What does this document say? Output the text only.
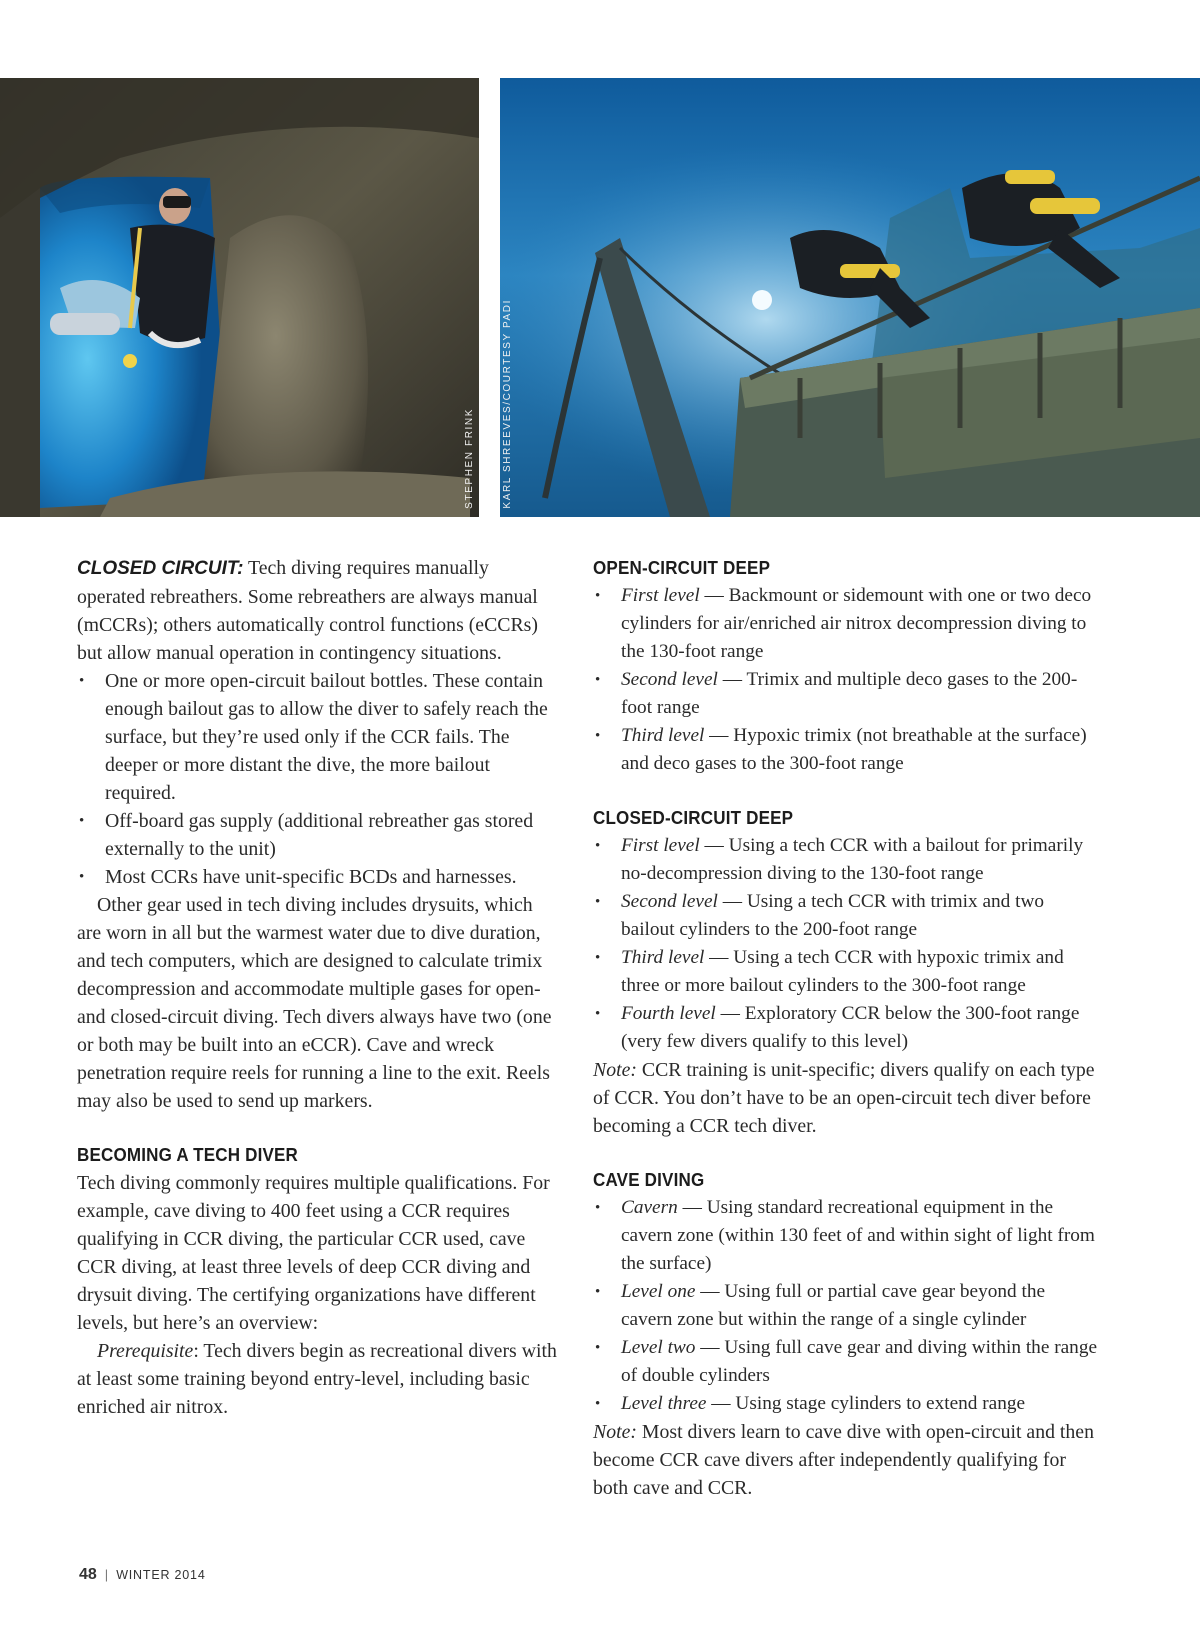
STEPHEN FRINK	KARL SHREEVES/COURTESY PADI

CLOSED CIRCUIT: Tech diving requires manually operated rebreathers. Some rebreathers are always manual (mCCRs); others automatically control functions (eCCRs) but allow manual operation in contingency situations.

• One or more open-circuit bailout bottles. These contain enough bailout gas to allow the diver to safely reach the surface, but they’re used only if the CCR fails. The deeper or more distant the dive, the more bailout required.
• Off-board gas supply (additional rebreather gas stored externally to the unit)
• Most CCRs have unit-specific BCDs and harnesses.

Other gear used in tech diving includes drysuits, which are worn in all but the warmest water due to dive duration, and tech computers, which are designed to calculate trimix decompression and accommodate multiple gases for open- and closed-circuit diving. Tech divers always have two (one or both may be built into an eCCR). Cave and wreck penetration require reels for running a line to the exit. Reels may also be used to send up markers.

BECOMING A TECH DIVER

Tech diving commonly requires multiple qualifications. For example, cave diving to 400 feet using a CCR requires qualifying in CCR diving, the particular CCR used, cave CCR diving, at least three levels of deep CCR diving and drysuit diving. The certifying organizations have different levels, but here’s an overview:

Prerequisite: Tech divers begin as recreational divers with at least some training beyond entry-level, including basic enriched air nitrox.

OPEN-CIRCUIT DEEP
• First level — Backmount or sidemount with one or two deco cylinders for air/enriched air nitrox decompression diving to the 130-foot range
• Second level — Trimix and multiple deco gases to the 200-foot range
• Third level — Hypoxic trimix (not breathable at the surface) and deco gases to the 300-foot range
CLOSED-CIRCUIT DEEP
• First level — Using a tech CCR with a bailout for primarily no-decompression diving to the 130-foot range
• Second level — Using a tech CCR with trimix and two bailout cylinders to the 200-foot range
• Third level — Using a tech CCR with hypoxic trimix and three or more bailout cylinders to the 300-foot range
• Fourth level — Exploratory CCR below the 300-foot range (very few divers qualify to this level)

Note: CCR training is unit-specific; divers qualify on each type of CCR. You don’t have to be an open-circuit tech diver before becoming a CCR tech diver.

CAVE DIVING
• Cavern — Using standard recreational equipment in the cavern zone (within 130 feet of and within sight of light from the surface)
• Level one — Using full or partial cave gear beyond the cavern zone but within the range of a single cylinder
• Level two — Using full cave gear and diving within the range of double cylinders
• Level three — Using stage cylinders to extend range

Note: Most divers learn to cave dive with open-circuit and then become CCR cave divers after independently qualifying for both cave and CCR.

48 | WINTER 2014
